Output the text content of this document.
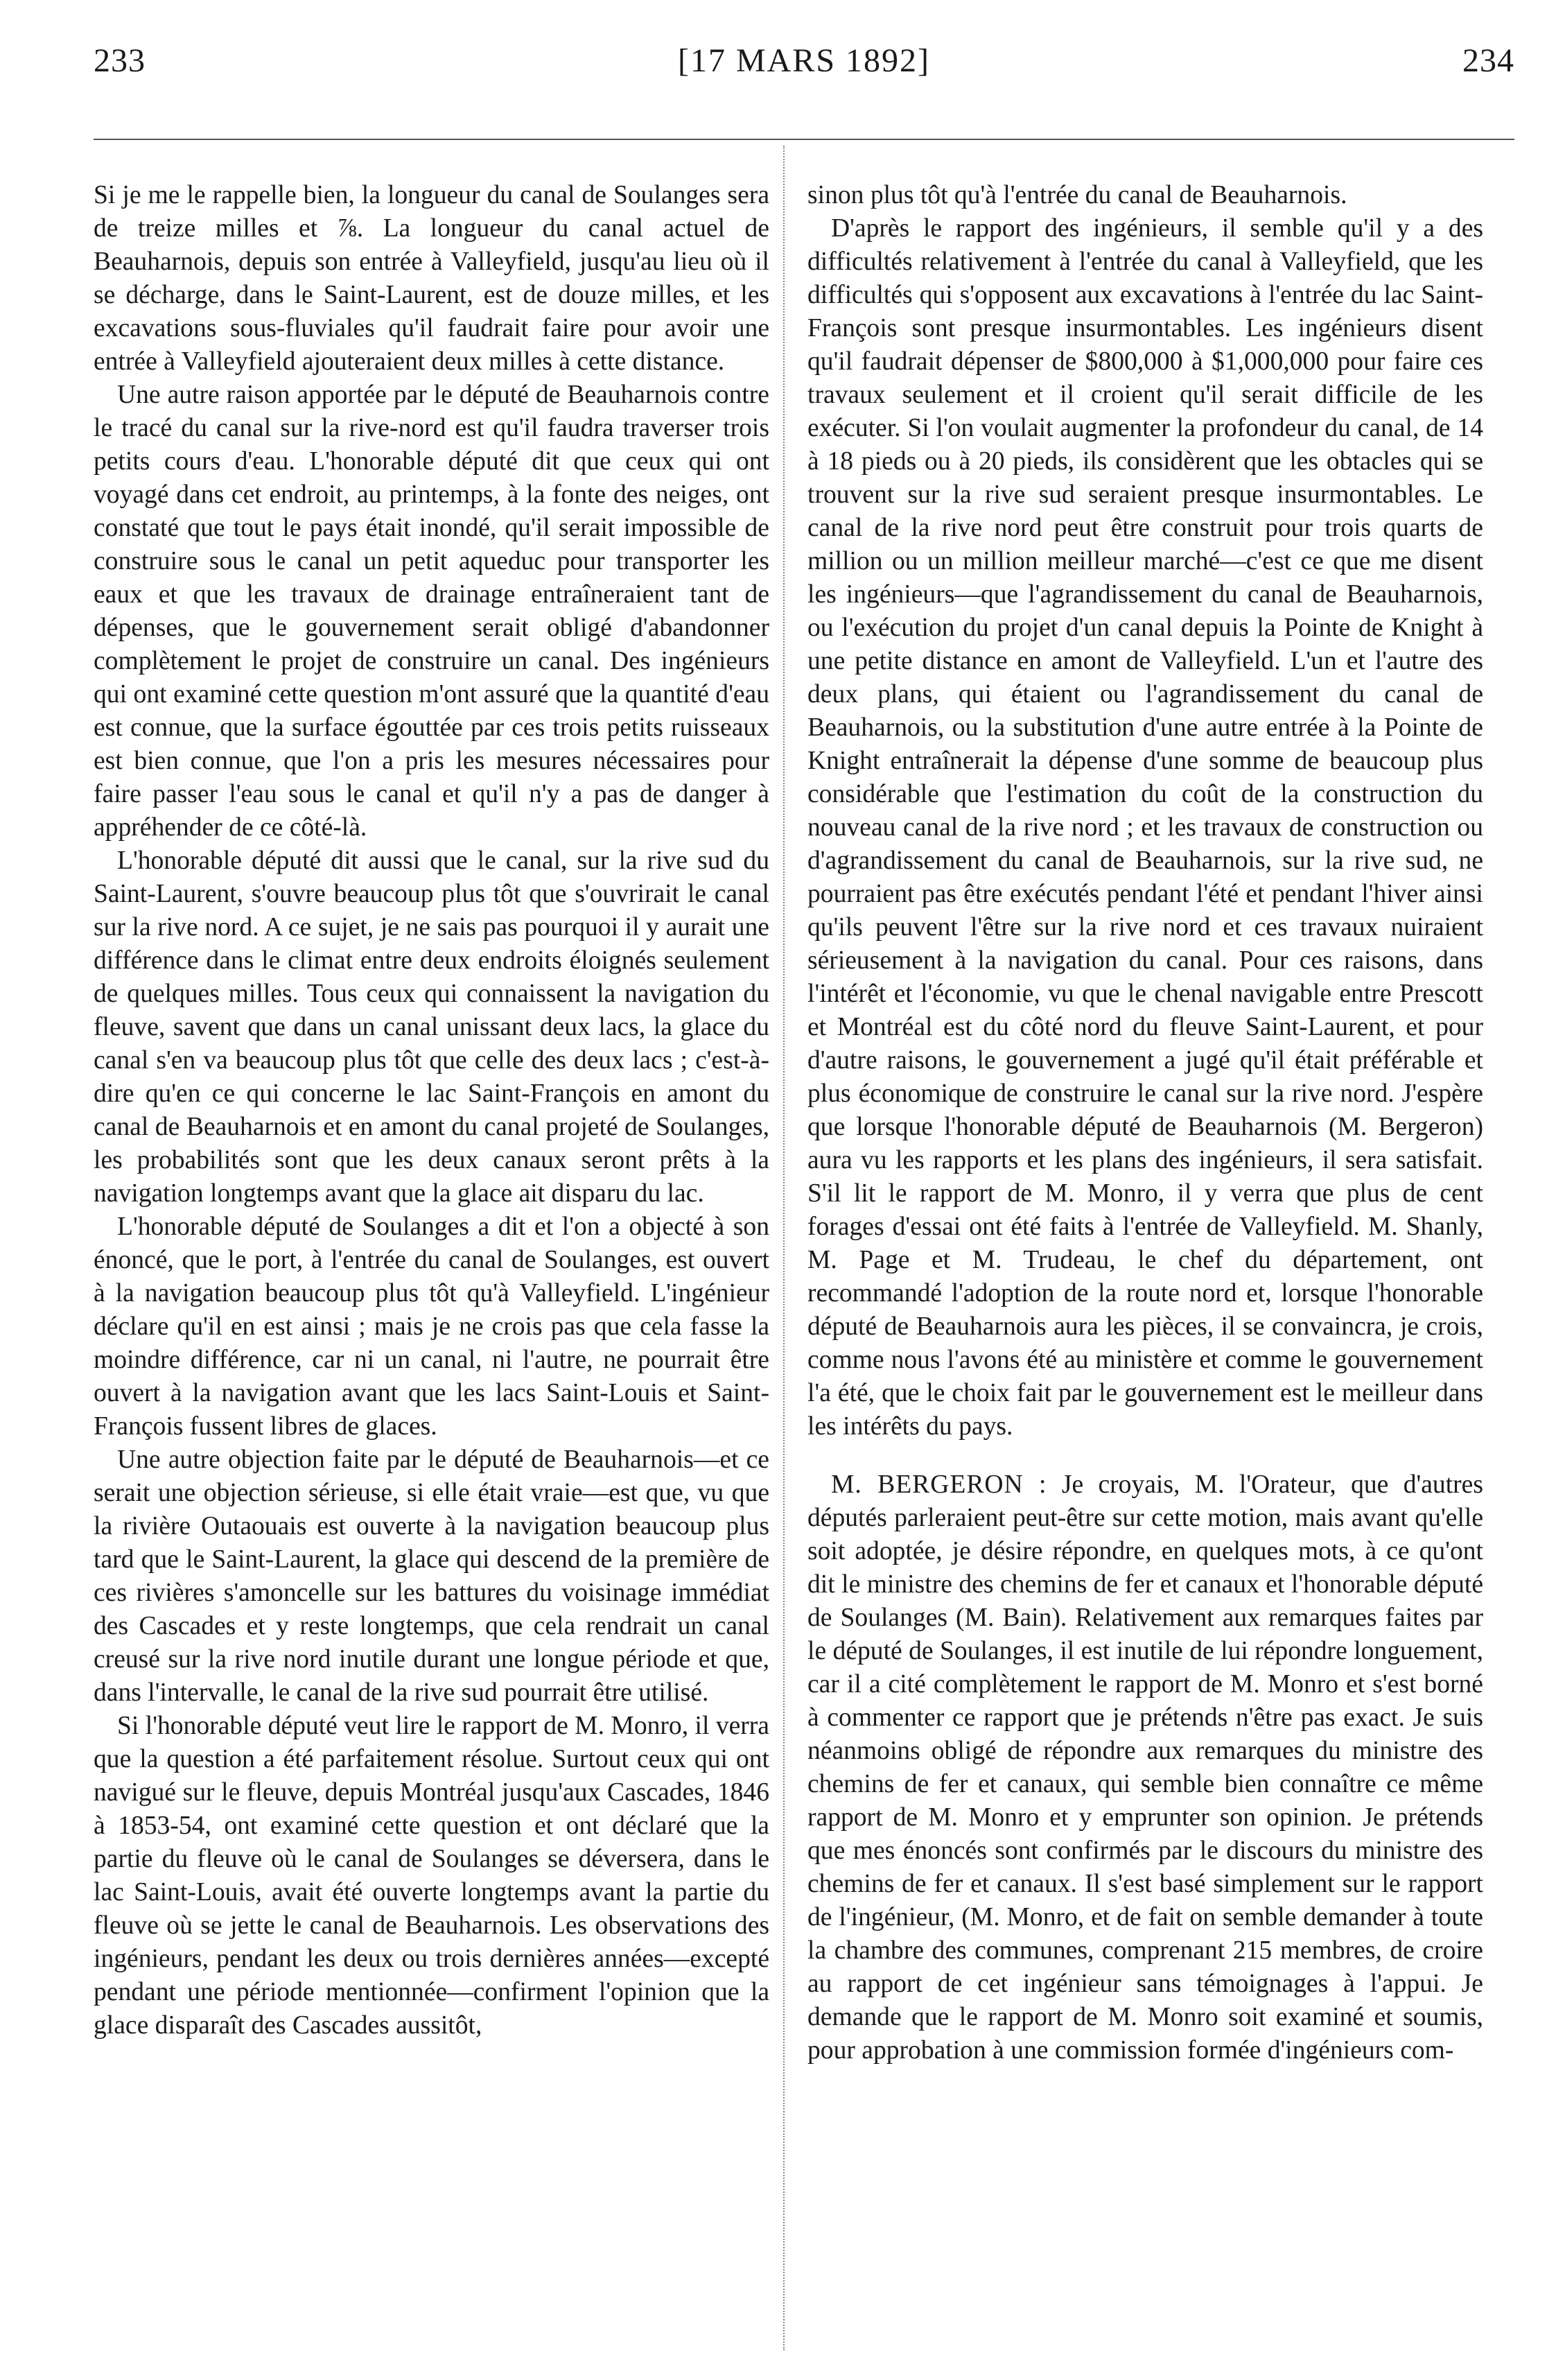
233	[17 MARS 1892]	234

Si je me le rappelle bien, la longueur du canal de Soulanges sera de treize milles et ⅞. La longueur du canal actuel de Beauharnois, depuis son entrée à Valleyfield, jusqu'au lieu où il se décharge, dans le Saint-Laurent, est de douze milles, et les excavations sous-fluviales qu'il faudrait faire pour avoir une entrée à Valleyfield ajouteraient deux milles à cette distance.

Une autre raison apportée par le député de Beauharnois contre le tracé du canal sur la rive-nord est qu'il faudra traverser trois petits cours d'eau. L'honorable député dit que ceux qui ont voyagé dans cet endroit, au printemps, à la fonte des neiges, ont constaté que tout le pays était inondé, qu'il serait impossible de construire sous le canal un petit aqueduc pour transporter les eaux et que les travaux de drainage entraîneraient tant de dépenses, que le gouvernement serait obligé d'abandonner complètement le projet de construire un canal. Des ingénieurs qui ont examiné cette question m'ont assuré que la quantité d'eau est connue, que la surface égouttée par ces trois petits ruisseaux est bien connue, que l'on a pris les mesures nécessaires pour faire passer l'eau sous le canal et qu'il n'y a pas de danger à appréhender de ce côté-là.

L'honorable député dit aussi que le canal, sur la rive sud du Saint-Laurent, s'ouvre beaucoup plus tôt que s'ouvrirait le canal sur la rive nord. A ce sujet, je ne sais pas pourquoi il y aurait une différence dans le climat entre deux endroits éloignés seulement de quelques milles. Tous ceux qui connaissent la navigation du fleuve, savent que dans un canal unissant deux lacs, la glace du canal s'en va beaucoup plus tôt que celle des deux lacs ; c'est-à-dire qu'en ce qui concerne le lac Saint-François en amont du canal de Beauharnois et en amont du canal projeté de Soulanges, les probabilités sont que les deux canaux seront prêts à la navigation longtemps avant que la glace ait disparu du lac.

L'honorable député de Soulanges a dit et l'on a objecté à son énoncé, que le port, à l'entrée du canal de Soulanges, est ouvert à la navigation beaucoup plus tôt qu'à Valleyfield. L'ingénieur déclare qu'il en est ainsi ; mais je ne crois pas que cela fasse la moindre différence, car ni un canal, ni l'autre, ne pourrait être ouvert à la navigation avant que les lacs Saint-Louis et Saint-François fussent libres de glaces.

Une autre objection faite par le député de Beauharnois—et ce serait une objection sérieuse, si elle était vraie—est que, vu que la rivière Outaouais est ouverte à la navigation beaucoup plus tard que le Saint-Laurent, la glace qui descend de la première de ces rivières s'amoncelle sur les battures du voisinage immédiat des Cascades et y reste longtemps, que cela rendrait un canal creusé sur la rive nord inutile durant une longue période et que, dans l'intervalle, le canal de la rive sud pourrait être utilisé.

Si l'honorable député veut lire le rapport de M. Monro, il verra que la question a été parfaitement résolue. Surtout ceux qui ont navigué sur le fleuve, depuis Montréal jusqu'aux Cascades, 1846 à 1853-54, ont examiné cette question et ont déclaré que la partie du fleuve où le canal de Soulanges se déversera, dans le lac Saint-Louis, avait été ouverte longtemps avant la partie du fleuve où se jette le canal de Beauharnois. Les observations des ingénieurs, pendant les deux ou trois dernières années—excepté pendant une période mentionnée—confirment l'opinion que la glace disparaît des Cascades aussitôt,

sinon plus tôt qu'à l'entrée du canal de Beauharnois.

D'après le rapport des ingénieurs, il semble qu'il y a des difficultés relativement à l'entrée du canal à Valleyfield, que les difficultés qui s'opposent aux excavations à l'entrée du lac Saint-François sont presque insurmontables. Les ingénieurs disent qu'il faudrait dépenser de $800,000 à $1,000,000 pour faire ces travaux seulement et il croient qu'il serait difficile de les exécuter. Si l'on voulait augmenter la profondeur du canal, de 14 à 18 pieds ou à 20 pieds, ils considèrent que les obtacles qui se trouvent sur la rive sud seraient presque insurmontables. Le canal de la rive nord peut être construit pour trois quarts de million ou un million meilleur marché—c'est ce que me disent les ingénieurs—que l'agrandissement du canal de Beauharnois, ou l'exécution du projet d'un canal depuis la Pointe de Knight à une petite distance en amont de Valleyfield. L'un et l'autre des deux plans, qui étaient ou l'agrandissement du canal de Beauharnois, ou la substitution d'une autre entrée à la Pointe de Knight entraînerait la dépense d'une somme de beaucoup plus considérable que l'estimation du coût de la construction du nouveau canal de la rive nord ; et les travaux de construction ou d'agrandissement du canal de Beauharnois, sur la rive sud, ne pourraient pas être exécutés pendant l'été et pendant l'hiver ainsi qu'ils peuvent l'être sur la rive nord et ces travaux nuiraient sérieusement à la navigation du canal. Pour ces raisons, dans l'intérêt et l'économie, vu que le chenal navigable entre Prescott et Montréal est du côté nord du fleuve Saint-Laurent, et pour d'autre raisons, le gouvernement a jugé qu'il était préférable et plus économique de construire le canal sur la rive nord. J'espère que lorsque l'honorable député de Beauharnois (M. Bergeron) aura vu les rapports et les plans des ingénieurs, il sera satisfait. S'il lit le rapport de M. Monro, il y verra que plus de cent forages d'essai ont été faits à l'entrée de Valleyfield. M. Shanly, M. Page et M. Trudeau, le chef du département, ont recommandé l'adoption de la route nord et, lorsque l'honorable député de Beauharnois aura les pièces, il se convaincra, je crois, comme nous l'avons été au ministère et comme le gouvernement l'a été, que le choix fait par le gouvernement est le meilleur dans les intérêts du pays.

M. BERGERON : Je croyais, M. l'Orateur, que d'autres députés parleraient peut-être sur cette motion, mais avant qu'elle soit adoptée, je désire répondre, en quelques mots, à ce qu'ont dit le ministre des chemins de fer et canaux et l'honorable député de Soulanges (M. Bain). Relativement aux remarques faites par le député de Soulanges, il est inutile de lui répondre longuement, car il a cité complètement le rapport de M. Monro et s'est borné à commenter ce rapport que je prétends n'être pas exact. Je suis néanmoins obligé de répondre aux remarques du ministre des chemins de fer et canaux, qui semble bien connaître ce même rapport de M. Monro et y emprunter son opinion. Je prétends que mes énoncés sont confirmés par le discours du ministre des chemins de fer et canaux. Il s'est basé simplement sur le rapport de l'ingénieur, (M. Monro, et de fait on semble demander à toute la chambre des communes, comprenant 215 membres, de croire au rapport de cet ingénieur sans témoignages à l'appui. Je demande que le rapport de M. Monro soit examiné et soumis, pour approbation à une commission formée d'ingénieurs com-
